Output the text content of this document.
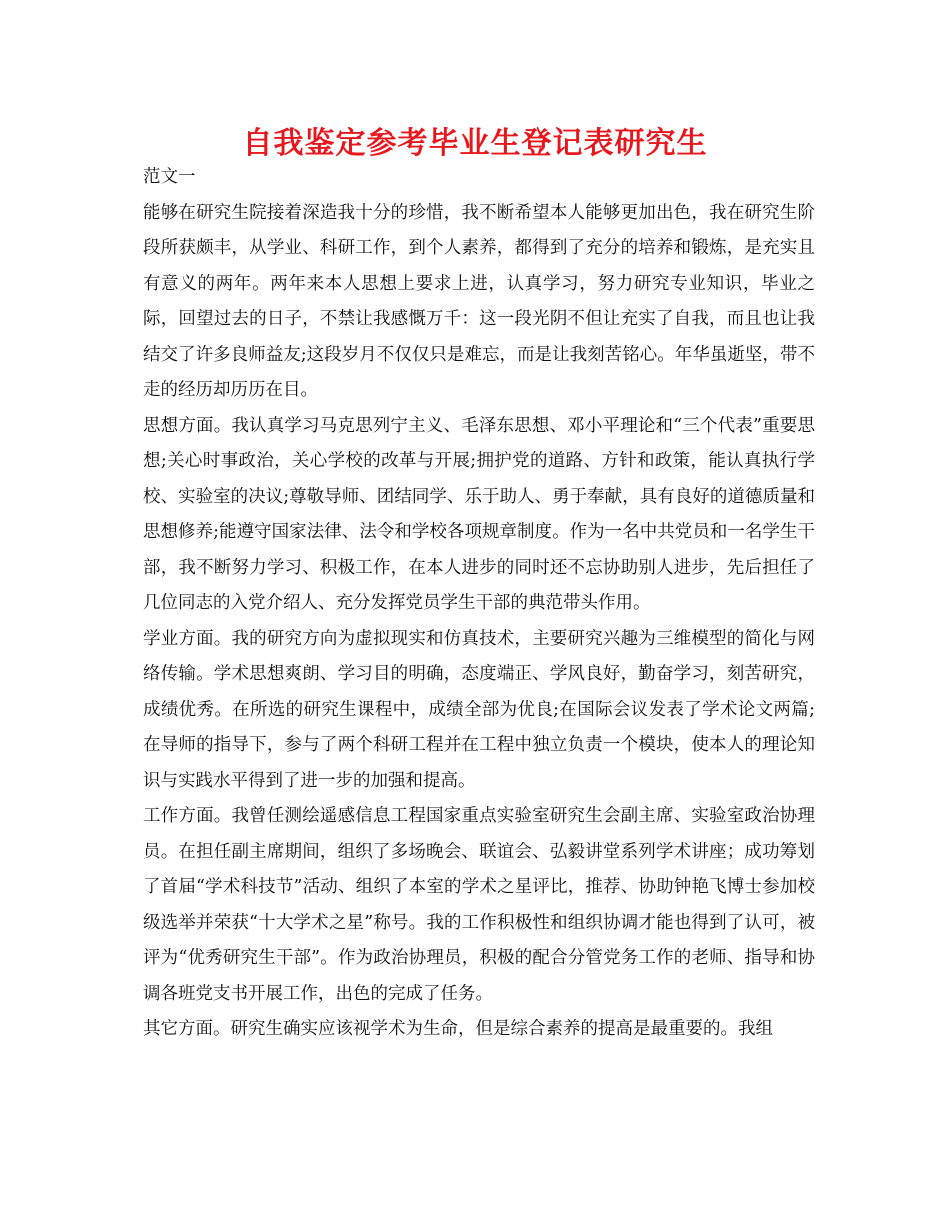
自我鉴定参考毕业生登记表研究生

范文一

能够在研究生院接着深造我十分的珍惜，我不断希望本人能够更加出色，我在研究生阶段所获颇丰，从学业、科研工作，到个人素养，都得到了充分的培养和锻炼，是充实且有意义的两年。两年来本人思想上要求上进，认真学习，努力研究专业知识，毕业之际，回望过去的日子，不禁让我感慨万千：这一段光阴不但让充实了自我，而且也让我结交了许多良师益友;这段岁月不仅仅只是难忘，而是让我刻苦铭心。年华虽逝坚，带不走的经历却历历在目。

思想方面。我认真学习马克思列宁主义、毛泽东思想、邓小平理论和“三个代表”重要思想;关心时事政治，关心学校的改革与开展;拥护党的道路、方针和政策，能认真执行学校、实验室的决议;尊敬导师、团结同学、乐于助人、勇于奉献，具有良好的道德质量和思想修养;能遵守国家法律、法令和学校各项规章制度。作为一名中共党员和一名学生干部，我不断努力学习、积极工作，在本人进步的同时还不忘协助别人进步，先后担任了几位同志的入党介绍人、充分发挥党员学生干部的典范带头作用。

学业方面。我的研究方向为虚拟现实和仿真技术，主要研究兴趣为三维模型的简化与网络传输。学术思想爽朗、学习目的明确，态度端正、学风良好，勤奋学习，刻苦研究，成绩优秀。在所选的研究生课程中，成绩全部为优良;在国际会议发表了学术论文两篇;在导师的指导下，参与了两个科研工程并在工程中独立负责一个模块，使本人的理论知识与实践水平得到了进一步的加强和提高。

工作方面。我曾任测绘遥感信息工程国家重点实验室研究生会副主席、实验室政治协理员。在担任副主席期间，组织了多场晚会、联谊会、弘毅讲堂系列学术讲座；成功筹划了首届“学术科技节”活动、组织了本室的学术之星评比，推荐、协助钟艳飞博士参加校级选举并荣获“十大学术之星”称号。我的工作积极性和组织协调才能也得到了认可，被评为“优秀研究生干部”。作为政治协理员，积极的配合分管党务工作的老师、指导和协调各班党支书开展工作，出色的完成了任务。

其它方面。研究生确实应该视学术为生命，但是综合素养的提高是最重要的。我组
